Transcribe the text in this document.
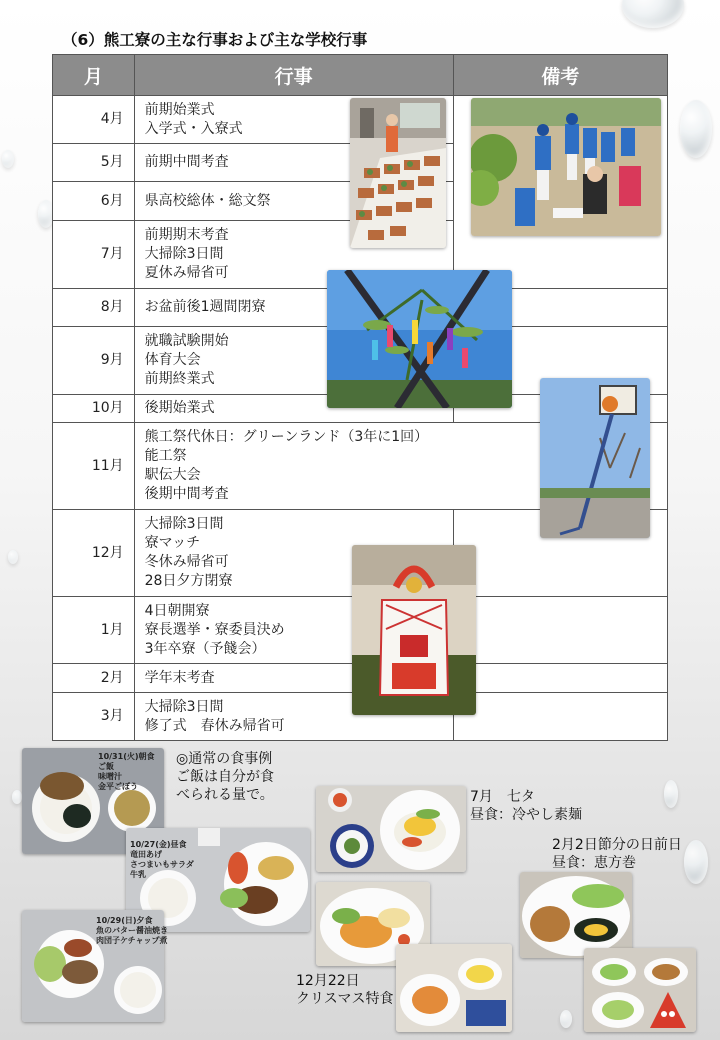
（6）熊工寮の主な行事および主な学校行事
月	行事	備考
4月	前期始業式
入学式・入寮式	

5月	前期中間考査	

6月	県高校総体・総文祭	

7月	前期期末考査
大掃除3日間
夏休み帰省可	

8月	お盆前後1週間閉寮	

9月	就職試験開始
体育大会
前期終業式	

10月	後期始業式	

11月	熊工祭代休日：グリーンランド（3年に1回）
能工祭
駅伝大会
後期中間考査	

12月	大掃除3日間
寮マッチ
冬休み帰省可
28日夕方閉寮	

1月	4日朝開寮
寮長選挙・寮委員決め
3年卒寮（予餞会）	

2月	学年末考査	

3月	大掃除3日間
修了式　春休み帰省可	

10/31(火)朝食
ご飯
味噌汁
金平ごぼう
◎通常の食事例
ご飯は自分が食
べられる量で。
10/27(金)昼食
竜田あげ
さつまいもサラダ
牛乳
10/29(日)夕食
魚のバター醤油焼き
肉団子ケチャップ煮
7月　七タ
昼食：冷やし素麺
12月22日
クリスマス特食
2月2日節分の日前日
昼食：恵方巻
